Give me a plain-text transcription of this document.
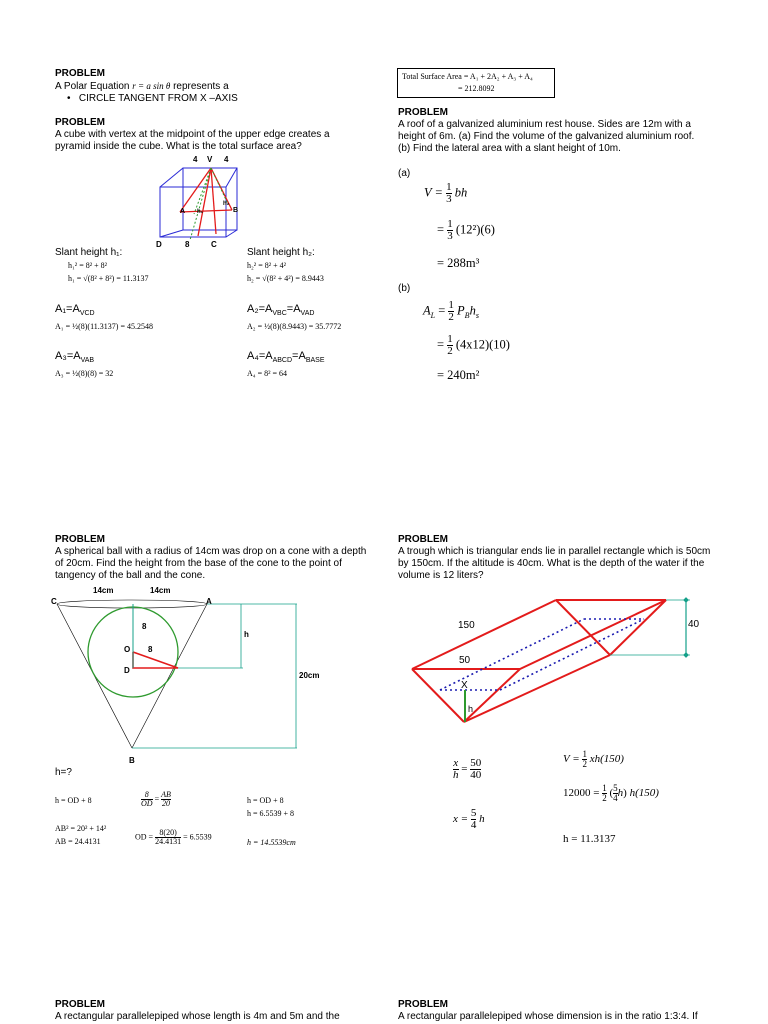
PROBLEM
A Polar Equation r = a sin θ represents a
•   CIRCLE TANGENT FROM X –AXIS
PROBLEM
A cube with vertex at the midpoint of the upper edge creates a pyramid inside the cube. What is the total surface area?
4 V 4
A h₁
h₂
B
D	8	C
Slant height h₁:
h₁² = 8² + 8²
h₁ = √(8² + 8²) = 11.3137
Slant height h₂:
h₂² = 8² + 4²
h₂ = √(8² + 4²) = 8.9443
$A_1=A_{VCD}$
A₁ = ½(8)(11.3137) = 45.2548
$A_2=A_{VBC}=A_{VAD}$
A₂ = ½(8)(8.9443) = 35.7772
$A_3=A_{VAB}$
A₃ = ½(8)(8) = 32
$A_4=A_{ABCD}=A_{BASE}$
A₄ = 8² = 64
Total Surface Area = A₁ + 2A₂ + A₃ + A₄
= 212.8092
PROBLEM
A roof of a galvanized aluminium rest house. Sides are 12m with a height of 6m. (a) Find the volume of the galvanized aluminium roof. (b) Find the lateral area with a slant height of 10m.
(a)
$V = \frac{1}{3}$ bh
= $\frac{1}{3} (12^2)(6)$
= 288m³
(b)
$A_L = \frac{1}{2} P_Bh_s$
= $\frac{1}{2} (4x12)(10)$
= 240m²
PROBLEM
A spherical ball with a radius of 14cm was drop on a cone with a depth of 20cm. Find the height from the base of the cone to the point of tangency of the ball and the cone.
14cm	14cm
C	A
8
h
O 8
D
20cm
B
h=?
h = OD + 8	$\frac{8}{OD} = \frac{AB}{20}$	h = OD + 8
h = 6.5539 + 8
AB² = 20² + 14²
AB = 24.4131
OD = $\frac{8(20)}{24.4131} = 6.5539$
h = 14.5539cm
PROBLEM
A trough which is triangular ends lie in parallel rectangle which is 50cm by 150cm. If the altitude is 40cm. What is the depth of the water if the volume is 12 liters?
150
50
40
X
h
$\frac{x}{h} = \frac{50}{40}$
$x = \frac{5}{4}$ h
$V = \frac{1}{2} xh(150)$
$12000 = \frac{1}{2}$ ( $\frac{5}{4} h$) h(150)
h = 11.3137
PROBLEM
A rectangular parallelepiped whose length is 4m and 5m and the
PROBLEM
A rectangular parallelepiped whose dimension is in the ratio 1:3:4. If
